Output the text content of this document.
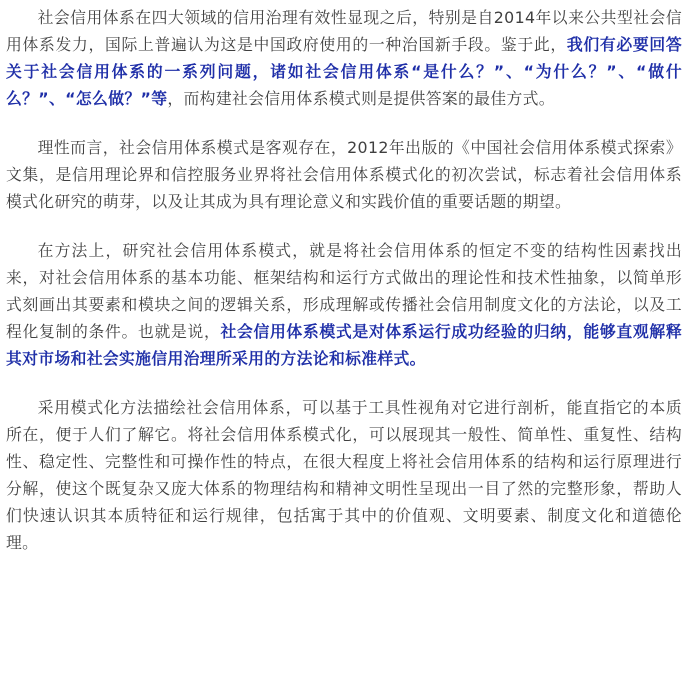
社会信用体系在四大领域的信用治理有效性显现之后，特别是自2014年以来公共型社会信用体系发力，国际上普遍认为这是中国政府使用的一种治国新手段。鉴于此，我们有必要回答关于社会信用体系的一系列问题，诸如社会信用体系“是什么？”、“为什么？”、“做什么？”、“怎么做？”等，而构建社会信用体系模式则是提供答案的最佳方式。

理性而言，社会信用体系模式是客观存在，2012年出版的《中国社会信用体系模式探索》文集，是信用理论界和信控服务业界将社会信用体系模式化的初次尝试，标志着社会信用体系模式化研究的萌芽，以及让其成为具有理论意义和实践价值的重要话题的期望。

在方法上，研究社会信用体系模式，就是将社会信用体系的恒定不变的结构性因素找出来，对社会信用体系的基本功能、框架结构和运行方式做出的理论性和技术性抽象，以简单形式刻画出其要素和模块之间的逻辑关系，形成理解或传播社会信用制度文化的方法论，以及工程化复制的条件。也就是说，社会信用体系模式是对体系运行成功经验的归纳，能够直观解释其对市场和社会实施信用治理所采用的方法论和标准样式。

采用模式化方法描绘社会信用体系，可以基于工具性视角对它进行剖析，能直指它的本质所在，便于人们了解它。将社会信用体系模式化，可以展现其一般性、简单性、重复性、结构性、稳定性、完整性和可操作性的特点，在很大程度上将社会信用体系的结构和运行原理进行分解，使这个既复杂又庞大体系的物理结构和精神文明性呈现出一目了然的完整形象，帮助人们快速认识其本质特征和运行规律，包括寓于其中的价值观、文明要素、制度文化和道德伦理。
